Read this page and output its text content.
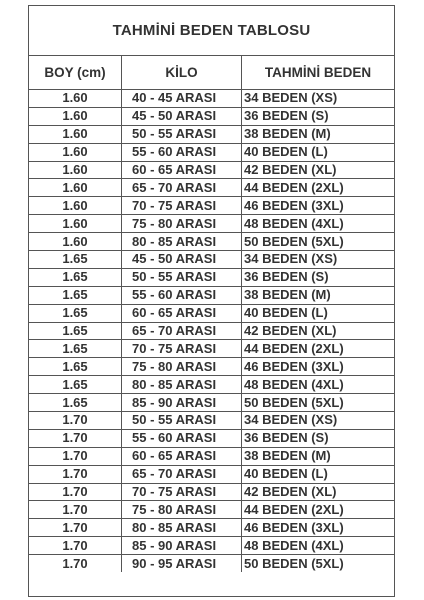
TAHMİNİ BEDEN TABLOSU
BOY (cm)	KİLO	TAHMİNİ BEDEN
1.60	40 - 45 ARASI	34 BEDEN (XS)
1.60	45 - 50 ARASI	36 BEDEN (S)
1.60	50 - 55 ARASI	38 BEDEN (M)
1.60	55 - 60 ARASI	40 BEDEN (L)
1.60	60 - 65 ARASI	42 BEDEN (XL)
1.60	65 - 70 ARASI	44 BEDEN (2XL)
1.60	70 - 75 ARASI	46 BEDEN (3XL)
1.60	75 - 80 ARASI	48 BEDEN (4XL)
1.60	80 - 85 ARASI	50 BEDEN (5XL)
1.65	45 - 50 ARASI	34 BEDEN (XS)
1.65	50 - 55 ARASI	36 BEDEN (S)
1.65	55 - 60 ARASI	38 BEDEN (M)
1.65	60 - 65 ARASI	40 BEDEN (L)
1.65	65 - 70 ARASI	42 BEDEN (XL)
1.65	70 - 75 ARASI	44 BEDEN (2XL)
1.65	75 - 80 ARASI	46 BEDEN (3XL)
1.65	80 - 85 ARASI	48 BEDEN (4XL)
1.65	85 - 90 ARASI	50 BEDEN (5XL)
1.70	50 - 55 ARASI	34 BEDEN (XS)
1.70	55 - 60 ARASI	36 BEDEN (S)
1.70	60 - 65 ARASI	38 BEDEN (M)
1.70	65 - 70 ARASI	40 BEDEN (L)
1.70	70 - 75 ARASI	42 BEDEN (XL)
1.70	75 - 80 ARASI	44 BEDEN (2XL)
1.70	80 - 85 ARASI	46 BEDEN (3XL)
1.70	85 - 90 ARASI	48 BEDEN (4XL)
1.70	90 - 95 ARASI	50 BEDEN (5XL)
